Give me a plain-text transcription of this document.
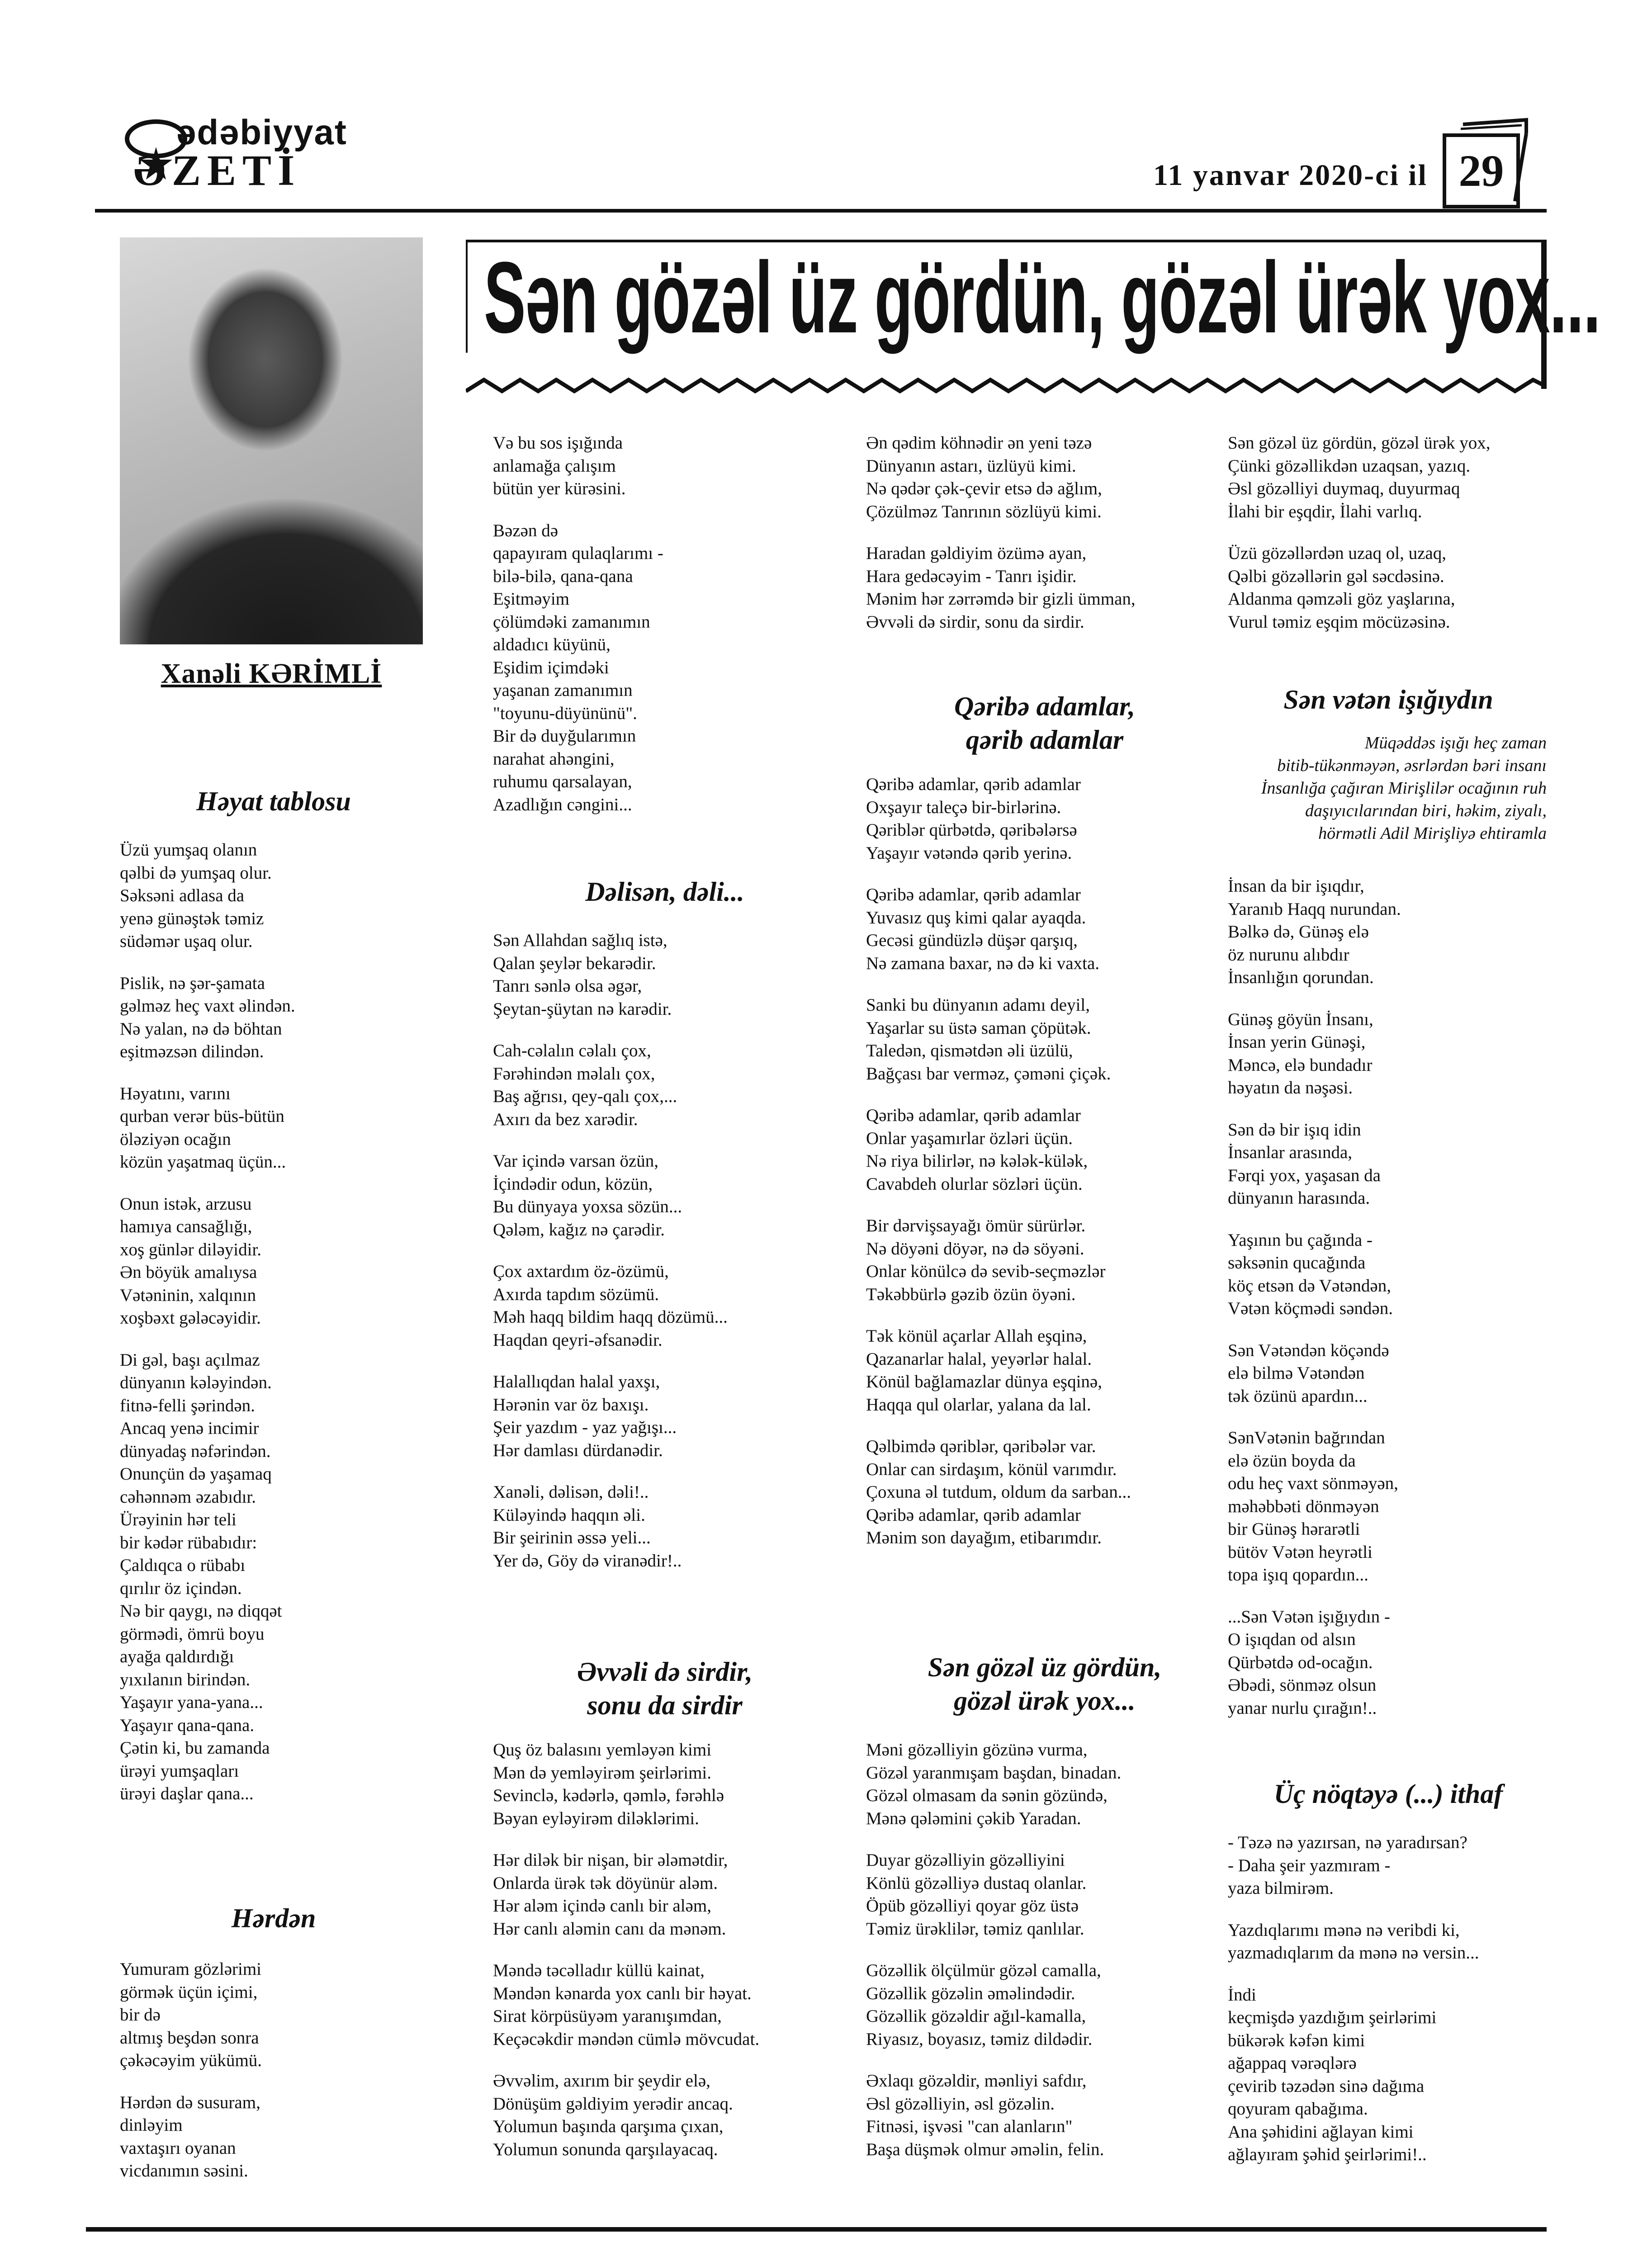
ədəbiyyat
ƏZETİ	11 yanvar 2020-ci il 29
Sən gözəl üz gördün, gözəl ürək yox...
Xanəli KƏRİMLİ
Həyat tablosu

Üzü yumşaq olanın
qəlbi də yumşaq olur.
Səksəni adlasa da
yenə günəştək təmiz
südəmər uşaq olur.

Pislik, nə şər-şamata
gəlməz heç vaxt əlindən.
Nə yalan, nə də böhtan
eşitməzsən dilindən.

Həyatını, varını
qurban verər büs-bütün
öləziyən ocağın
közün yaşatmaq üçün...

Onun istək, arzusu
hamıya cansağlığı,
xoş günlər diləyidir.
Ən böyük amalıysa
Vətəninin, xalqının
xoşbəxt gələcəyidir.

Di gəl, başı açılmaz
dünyanın kələyindən.
fitnə-felli şərindən.
Ancaq yenə incimir
dünyadaş nəfərindən.
Onunçün də yaşamaq
cəhənnəm əzabıdır.
Ürəyinin hər teli
bir kədər rübabıdır:
Çaldıqca o rübabı
qırılır öz içindən.
Nə bir qaygı, nə diqqət
görmədi, ömrü boyu
ayağa qaldırdığı
yıxılanın birindən.
Yaşayır yana-yana...
Yaşayır qana-qana.
Çətin ki, bu zamanda
ürəyi yumşaqları
ürəyi daşlar qana...

Hərdən

Yumuram gözlərimi
görmək üçün içimi,
bir də
altmış beşdən sonra
çəkəcəyim yükümü.

Hərdən də susuram,
dinləyim
vaxtaşırı oyanan
vicdanımın səsini.

Və bu sos işığında
anlamağa çalışım
bütün yer kürəsini.

Bəzən də
qapayıram qulaqlarımı -
bilə-bilə, qana-qana
Eşitməyim
çölümdəki zamanımın
aldadıcı küyünü,
Eşidim içimdəki
yaşanan zamanımın
"toyunu-düyününü".
Bir də duyğularımın
narahat ahəngini,
ruhumu qarsalayan,
Azadlığın cəngini...

Dəlisən, dəli...

Sən Allahdan sağlıq istə,
Qalan şeylər bekarədir.
Tanrı sənlə olsa əgər,
Şeytan-şüytan nə karədir.

Cah-cəlalın cəlalı çox,
Fərəhindən məlalı çox,
Baş ağrısı, qey-qalı çox,...
Axırı da bez xarədir.

Var içində varsan özün,
İçindədir odun, közün,
Bu dünyaya yoxsa sözün...
Qələm, kağız nə çarədir.

Çox axtardım öz-özümü,
Axırda tapdım sözümü.
Məh haqq bildim haqq dözümü...
Haqdan qeyri-əfsanədir.

Halallıqdan halal yaxşı,
Hərənin var öz baxışı.
Şeir yazdım - yaz yağışı...
Hər damlası dürdanədir.

Xanəli, dəlisən, dəli!..
Küləyində haqqın əli.
Bir şeirinin əssə yeli...
Yer də, Göy də viranədir!..

Əvvəli də sirdir,
sonu da sirdir

Quş öz balasını yemləyən kimi
Mən də yemləyirəm şeirlərimi.
Sevinclə, kədərlə, qəmlə, fərəhlə
Bəyan eyləyirəm diləklərimi.

Hər dilək bir nişan, bir ələmətdir,
Onlarda ürək tək döyünür aləm.
Hər aləm içində canlı bir aləm,
Hər canlı aləmin canı da mənəm.

Məndə təcəlladır küllü kainat,
Məndən kənarda yox canlı bir həyat.
Sirat körpüsüyəm yaranışımdan,
Keçəcəkdir məndən cümlə mövcudat.

Əvvəlim, axırım bir şeydir elə,
Dönüşüm gəldiyim yerədir ancaq.
Yolumun başında qarşıma çıxan,
Yolumun sonunda qarşılayacaq.

Ən qədim köhnədir ən yeni təzə
Dünyanın astarı, üzlüyü kimi.
Nə qədər çək-çevir etsə də ağlım,
Çözülməz Tanrının sözlüyü kimi.

Haradan gəldiyim özümə ayan,
Hara gedəcəyim - Tanrı işidir.
Mənim hər zərrəmdə bir gizli ümman,
Əvvəli də sirdir, sonu da sirdir.

Qəribə adamlar,
qərib adamlar

Qəribə adamlar, qərib adamlar
Oxşayır taleçə bir-birlərinə.
Qəriblər qürbətdə, qəribələrsə
Yaşayır vətəndə qərib yerinə.

Qəribə adamlar, qərib adamlar
Yuvasız quş kimi qalar ayaqda.
Gecəsi gündüzlə düşər qarşıq,
Nə zamana baxar, nə də ki vaxta.

Sanki bu dünyanın adamı deyil,
Yaşarlar su üstə saman çöpütək.
Taledən, qismətdən əli üzülü,
Bağçası bar verməz, çəməni çiçək.

Qəribə adamlar, qərib adamlar
Onlar yaşamırlar özləri üçün.
Nə riya bilirlər, nə kələk-külək,
Cavabdeh olurlar sözləri üçün.

Bir dərvişsayağı ömür sürürlər.
Nə döyəni döyər, nə də söyəni.
Onlar könülcə də sevib-seçməzlər
Təkəbbürlə gəzib özün öyəni.

Tək könül açarlar Allah eşqinə,
Qazanarlar halal, yeyərlər halal.
Könül bağlamazlar dünya eşqinə,
Haqqa qul olarlar, yalana da lal.

Qəlbimdə qəriblər, qəribələr var.
Onlar can sirdaşım, könül varımdır.
Çoxuna əl tutdum, oldum da sarban...
Qəribə adamlar, qərib adamlar
Mənim son dayağım, etibarımdır.

Sən gözəl üz gördün,
gözəl ürək yox...

Məni gözəlliyin gözünə vurma,
Gözəl yaranmışam başdan, binadan.
Gözəl olmasam da sənin gözündə,
Mənə qələmini çəkib Yaradan.

Duyar gözəlliyin gözəlliyini
Könlü gözəlliyə dustaq olanlar.
Öpüb gözəlliyi qoyar göz üstə
Təmiz ürəklilər, təmiz qanlılar.

Gözəllik ölçülmür gözəl camalla,
Gözəllik gözəlin əməlindədir.
Gözəllik gözəldir ağıl-kamalla,
Riyasız, boyasız, təmiz dildədir.

Əxlaqı gözəldir, mənliyi safdır,
Əsl gözəlliyin, əsl gözəlin.
Fitnəsi, işvəsi "can alanların"
Başa düşmək olmur əməlin, felin.

Sən gözəl üz gördün, gözəl ürək yox,
Çünki gözəllikdən uzaqsan, yazıq.
Əsl gözəlliyi duymaq, duyurmaq
İlahi bir eşqdir, İlahi varlıq.

Üzü gözəllərdən uzaq ol, uzaq,
Qəlbi gözəllərin gəl səcdəsinə.
Aldanma qəmzəli göz yaşlarına,
Vurul təmiz eşqim möcüzəsinə.

Sən vətən işığıydın
Müqəddəs işığı heç zaman
bitib-tükənməyən, əsrlərdən bəri insanı
İnsanlığa çağıran Mirişlilər ocağının ruh
daşıyıcılarından biri, həkim, ziyalı,
hörmətli Adil Mirişliyə ehtiramla

İnsan da bir işıqdır,
Yaranıb Haqq nurundan.
Bəlkə də, Günəş elə
öz nurunu alıbdır
İnsanlığın qorundan.

Günəş göyün İnsanı,
İnsan yerin Günəşi,
Məncə, elə bundadır
həyatın da nəşəsi.

Sən də bir işıq idin
İnsanlar arasında,
Fərqi yox, yaşasan da
dünyanın harasında.

Yaşının bu çağında -
səksənin qucağında
köç etsən də Vətəndən,
Vətən köçmədi səndən.

Sən Vətəndən köçəndə
elə bilmə Vətəndən
tək özünü apardın...

SənVətənin bağrından
elə özün boyda da
odu heç vaxt sönməyən,
məhəbbəti dönməyən
bir Günəş hərarətli
bütöv Vətən heyrətli
topa işıq qopardın...

...Sən Vətən işığıydın -
O işıqdan od alsın
Qürbətdə od-ocağın.
Əbədi, sönməz olsun
yanar nurlu çırağın!..

Üç nöqtəyə (...) ithaf

- Təzə nə yazırsan, nə yaradırsan?
- Daha şeir yazmıram -
yaza bilmirəm.

Yazdıqlarımı mənə nə veribdi ki,
yazmadıqlarım da mənə nə versin...

İndi
keçmişdə yazdığım şeirlərimi
bükərək kəfən kimi
ağappaq vərəqlərə
çevirib təzədən sinə dağıma
qoyuram qabağıma.
Ana şəhidini ağlayan kimi
ağlayıram şəhid şeirlərimi!..
